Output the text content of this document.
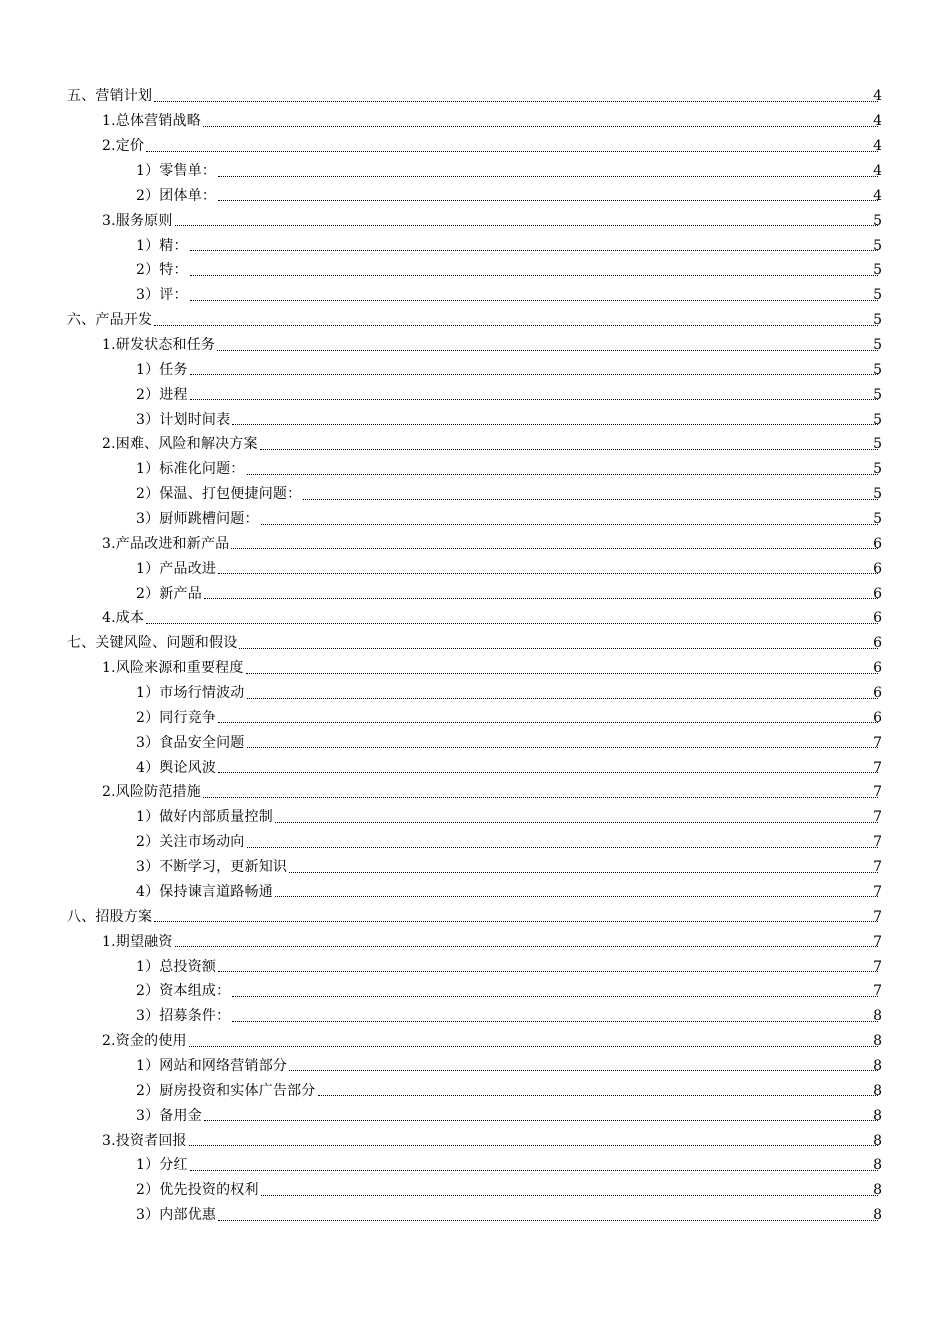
五、营销计划	4
1.总体营销战略	4
2.定价	4
1）零售单：	4
2）团体单：	4
3.服务原则	5
1）精：	5
2）特：	5
3）评：	5
六、产品开发	5
1.研发状态和任务	5
1）任务	5
2）进程	5
3）计划时间表	5
2.困难、风险和解决方案	5
1）标准化问题：	5
2）保温、打包便捷问题：	5
3）厨师跳槽问题：	5
3.产品改进和新产品	6
1）产品改进	6
2）新产品	6
4.成本	6
七、关键风险、问题和假设	6
1.风险来源和重要程度	6
1）市场行情波动	6
2）同行竞争	6
3）食品安全问题	7
4）舆论风波	7
2.风险防范措施	7
1）做好内部质量控制	7
2）关注市场动向	7
3）不断学习，更新知识	7
4）保持谏言道路畅通	7
八、招股方案	7
1.期望融资	7
1）总投资额	7
2）资本组成：	7
3）招募条件：	8
2.资金的使用	8
1）网站和网络营销部分	8
2）厨房投资和实体广告部分	8
3）备用金	8
3.投资者回报	8
1）分红	8
2）优先投资的权利	8
3）内部优惠	8
